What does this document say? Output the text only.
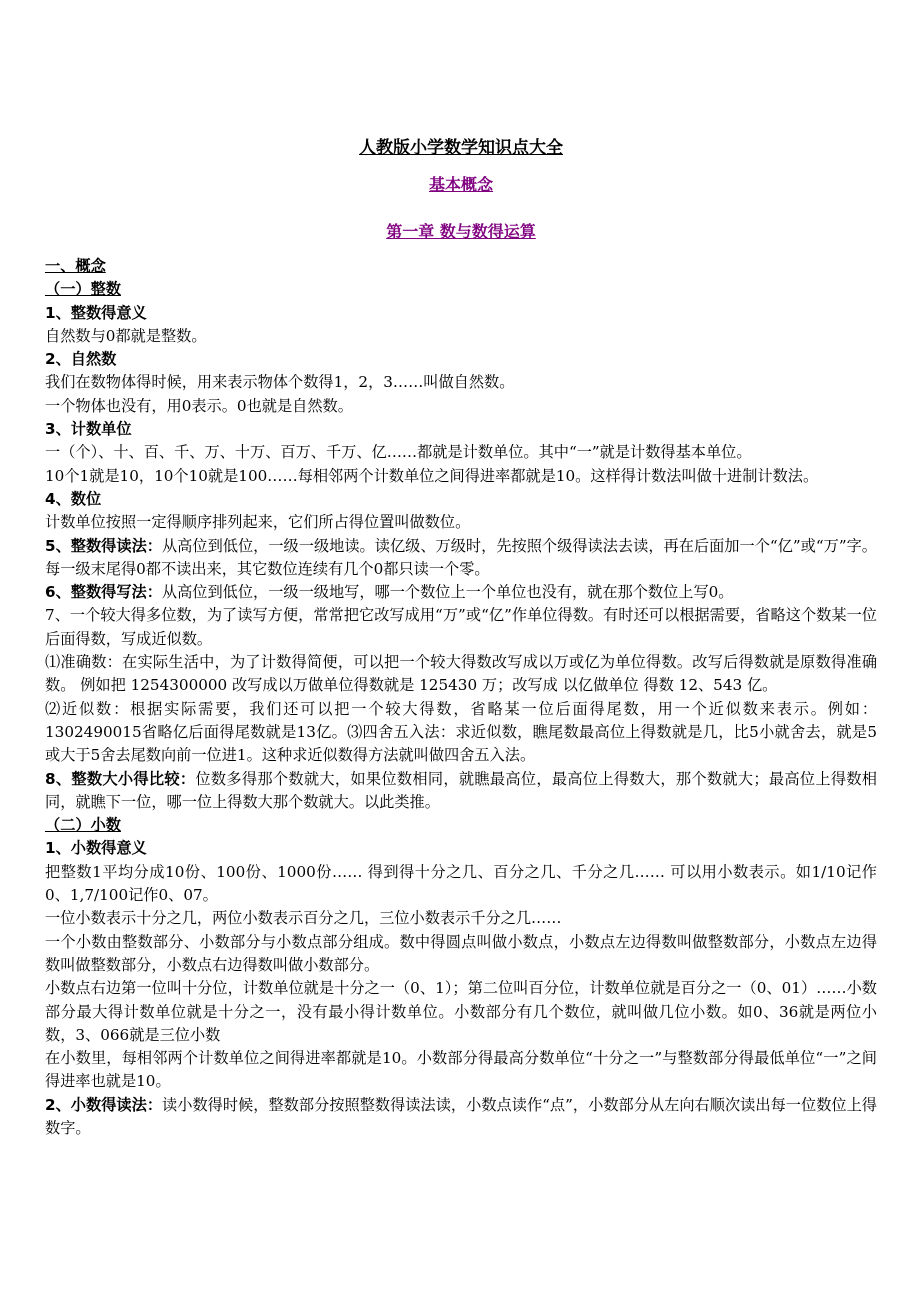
人教版小学数学知识点大全
基本概念
第一章 数与数得运算
一、概念
（一）整数
1、整数得意义
自然数与0都就是整数。
2、自然数
我们在数物体得时候，用来表示物体个数得1，2，3……叫做自然数。
一个物体也没有，用0表示。0也就是自然数。
3、计数单位
一（个）、十、百、千、万、十万、百万、千万、亿……都就是计数单位。其中“一”就是计数得基本单位。
10个1就是10，10个10就是100……每相邻两个计数单位之间得进率都就是10。这样得计数法叫做十进制计数法。
4、数位
计数单位按照一定得顺序排列起来，它们所占得位置叫做数位。
5、整数得读法：从高位到低位，一级一级地读。读亿级、万级时，先按照个级得读法去读，再在后面加一个“亿”或“万”字。每一级末尾得0都不读出来，其它数位连续有几个0都只读一个零。
6、整数得写法：从高位到低位，一级一级地写，哪一个数位上一个单位也没有，就在那个数位上写0。
7、一个较大得多位数，为了读写方便，常常把它改写成用“万”或“亿”作单位得数。有时还可以根据需要，省略这个数某一位后面得数，写成近似数。
⑴准确数：在实际生活中，为了计数得简便，可以把一个较大得数改写成以万或亿为单位得数。改写后得数就是原数得准确数。 例如把 1254300000 改写成以万做单位得数就是 125430 万；改写成 以亿做单位 得数 12、543 亿。
⑵近似数：根据实际需要，我们还可以把一个较大得数，省略某一位后面得尾数，用一个近似数来表示。例如：1302490015省略亿后面得尾数就是13亿。⑶四舍五入法：求近似数，瞧尾数最高位上得数就是几，比5小就舍去，就是5或大于5舍去尾数向前一位进1。这种求近似数得方法就叫做四舍五入法。
8、整数大小得比较：位数多得那个数就大，如果位数相同，就瞧最高位，最高位上得数大，那个数就大；最高位上得数相同，就瞧下一位，哪一位上得数大那个数就大。以此类推。
（二）小数
1、小数得意义
把整数1平均分成10份、100份、1000份…… 得到得十分之几、百分之几、千分之几…… 可以用小数表示。如1/10记作0、1,7/100记作0、07。
一位小数表示十分之几，两位小数表示百分之几，三位小数表示千分之几……
一个小数由整数部分、小数部分与小数点部分组成。数中得圆点叫做小数点，小数点左边得数叫做整数部分，小数点左边得数叫做整数部分，小数点右边得数叫做小数部分。
小数点右边第一位叫十分位，计数单位就是十分之一（0、1）；第二位叫百分位，计数单位就是百分之一（0、01）……小数部分最大得计数单位就是十分之一，没有最小得计数单位。小数部分有几个数位，就叫做几位小数。如0、36就是两位小数，3、066就是三位小数
在小数里，每相邻两个计数单位之间得进率都就是10。小数部分得最高分数单位“十分之一”与整数部分得最低单位“一”之间得进率也就是10。
2、小数得读法：读小数得时候，整数部分按照整数得读法读，小数点读作“点”，小数部分从左向右顺次读出每一位数位上得数字。
